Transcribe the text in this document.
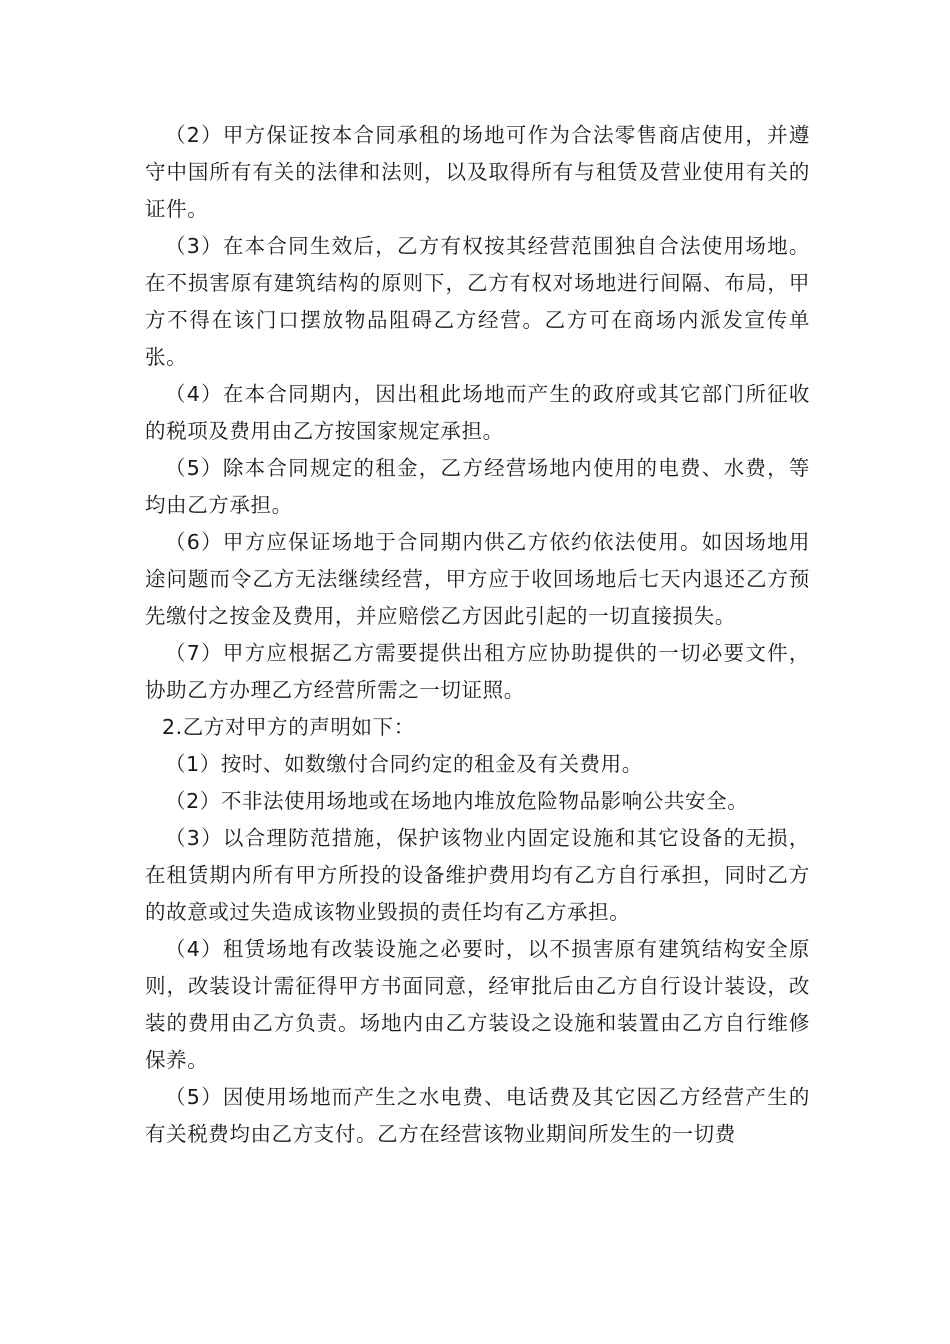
（2）甲方保证按本合同承租的场地可作为合法零售商店使用，并遵守中国所有有关的法律和法则，以及取得所有与租赁及营业使用有关的证件。

（3）在本合同生效后，乙方有权按其经营范围独自合法使用场地。在不损害原有建筑结构的原则下，乙方有权对场地进行间隔、布局，甲方不得在该门口摆放物品阻碍乙方经营。乙方可在商场内派发宣传单张。

（4）在本合同期内，因出租此场地而产生的政府或其它部门所征收的税项及费用由乙方按国家规定承担。

（5）除本合同规定的租金，乙方经营场地内使用的电费、水费，等均由乙方承担。

（6）甲方应保证场地于合同期内供乙方依约依法使用。如因场地用途问题而令乙方无法继续经营，甲方应于收回场地后七天内退还乙方预先缴付之按金及费用，并应赔偿乙方因此引起的一切直接损失。

（7）甲方应根据乙方需要提供出租方应协助提供的一切必要文件，协助乙方办理乙方经营所需之一切证照。

2.乙方对甲方的声明如下：

（1）按时、如数缴付合同约定的租金及有关费用。

（2）不非法使用场地或在场地内堆放危险物品影响公共安全。

（3）以合理防范措施，保护该物业内固定设施和其它设备的无损，在租赁期内所有甲方所投的设备维护费用均有乙方自行承担，同时乙方的故意或过失造成该物业毁损的责任均有乙方承担。

（4）租赁场地有改装设施之必要时，以不损害原有建筑结构安全原则，改装设计需征得甲方书面同意，经审批后由乙方自行设计装设，改装的费用由乙方负责。场地内由乙方装设之设施和装置由乙方自行维修保养。

（5）因使用场地而产生之水电费、电话费及其它因乙方经营产生的有关税费均由乙方支付。乙方在经营该物业期间所发生的一切费
